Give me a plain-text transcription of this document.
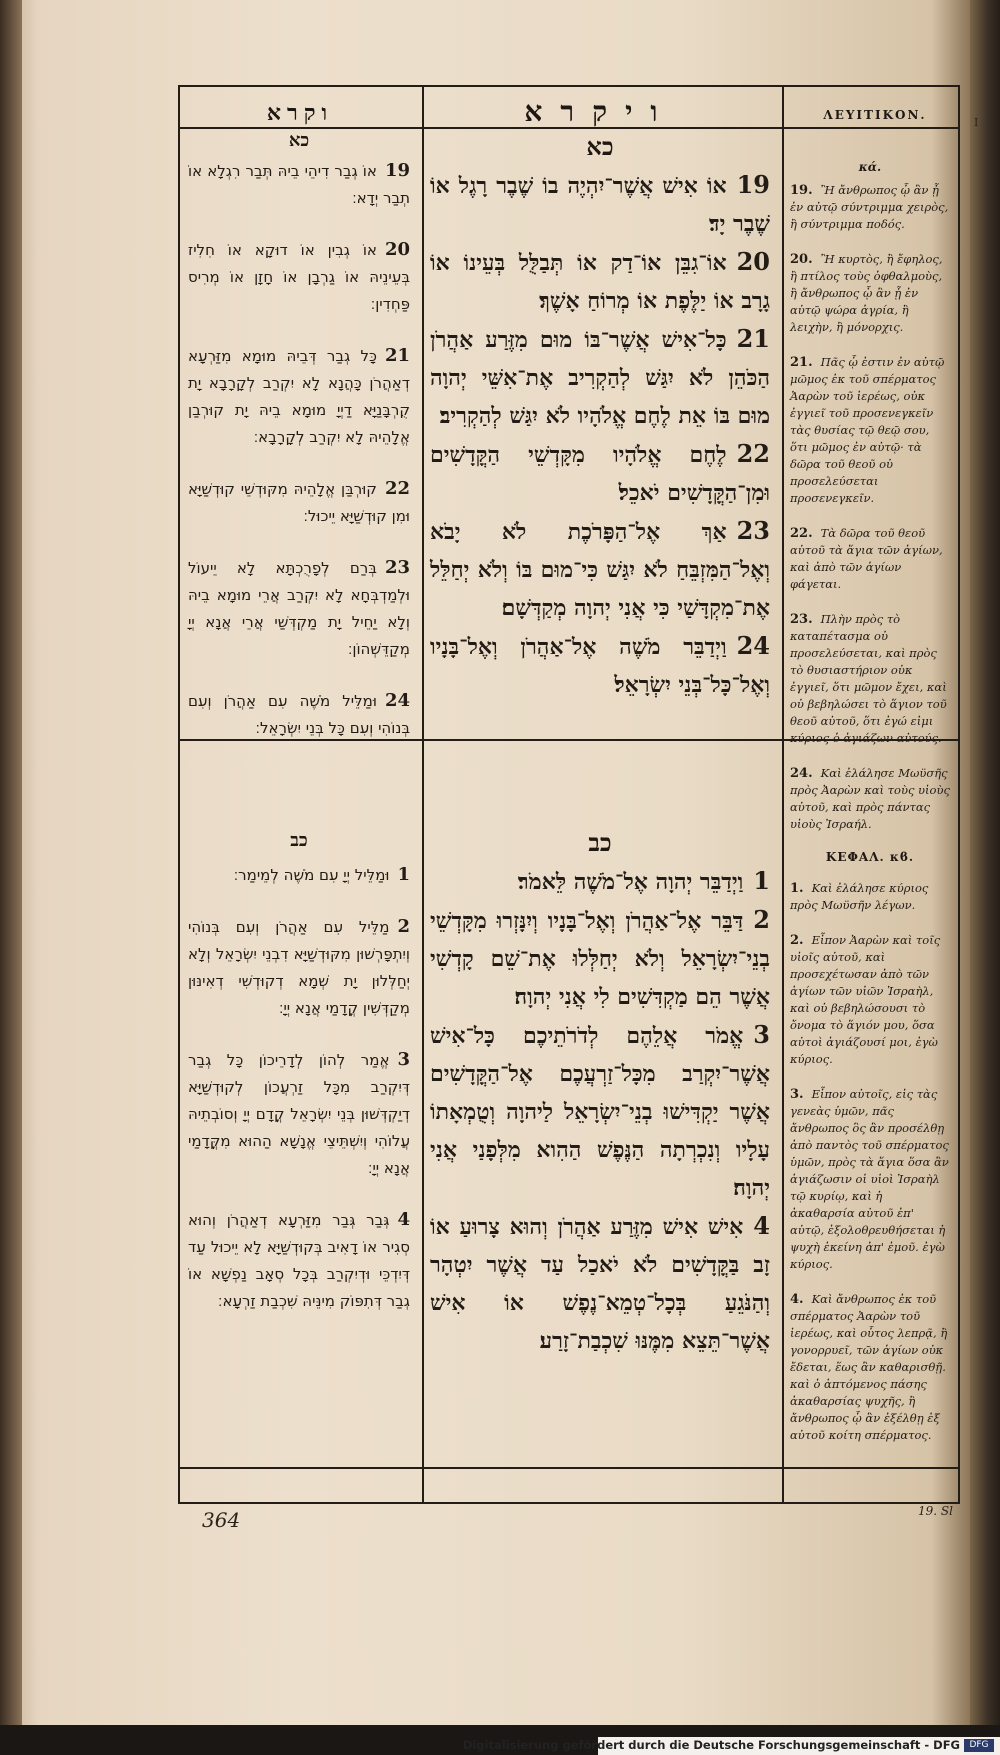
I
וקרא	ויקרא	ΛΕΥΙΤΙΚΟΝ.
כא

19אוֹ גְבַר דִיהֵי בֵיהּ תְּבַר רִגְלָא אוֹ תְבַר יְדָא׃

20אוֹ גְבִין אוֹ דוּקָא אוֹ חִלִיז בְּעֵינֵיהּ אוֹ גַרְבָן אוֹ חָזָן אוֹ מְרִיס פַּחְדִין׃

21כָּל גְבַר דְּבֵיהּ מוּמָא מִזַּרְעָא דְאַהֲרֹן כָּהֲנָא לָא יִקְרַב לְקָרָבָא יָת קֻרְבָּנַיָּא דַיְיָ מוּמָא בֵיהּ יָת קוּרְבַן אֱלָהֵיהּ לָא יִקְרַב לְקָרָבָא׃

22קוּרְבַּן אֱלָהֵיהּ מִקּוּדְשֵׁי קוּדְשַׁיָּא וּמִן קוּדְשַׁיָּא יֵיכוּל׃

23בְּרַם לְפָרֻכְתָּא לָא יֵיעוֹל וּלְמַדְבְּחָא לָא יִקְרַב אֲרֵי מוּמָא בֵיהּ וְלָא יַחֵיל יָת מַקְדְּשַׁי אֲרֵי אֲנָא יְיָ מְקַדֵּשְׁהוֹן׃

24וּמַלֵּיל מֹשֶׁה עִם אַהֲרֹן וְעִם בְּנוֹהִי וְעִם כָּל בְּנֵי יִשְׂרָאֵל׃

כב

1וּמַלֵּיל יְיָ עִם מֹשֶׁה לְמֵימַר׃

2מַלֵּיל עִם אַהֲרֹן וְעִם בְּנוֹהִי וְיִתְפָּרְשׁוּן מִקּוּדְשַׁיָּא דִבְנֵי יִשְׂרָאֵל וְלָא יְחַלְּלוּן יָת שְׁמָא דְקוּדְשִׁי דְאִינּוּן מְקַדְּשִׁין קֳדָמַי אֲנָא יְיָ׃

3אֱמַר לְהוֹן לְדָרֵיכוֹן כָּל גְבַר דְּיִקְרַב מִכָּל זַרְעֲכוֹן לְקוּדְשַׁיָּא דְיַקְדְּשׁוּן בְּנֵי יִשְׂרָאֵל קֳדָם יְיָ וְסוֹבְתֵיהּ עֲלוֹהִי וְיִשְׁתֵּיצֵי אֱנָשָׁא הַהוּא מִקֳּדָמַי אֲנָא יְיָ׃

4גְּבַר גְּבַר מִזַּרְעָא דְאַהֲרֹן וְהוּא סְגִיר אוֹ דָאִיב בְּקוּדְשַׁיָּא לָא יֵיכוּל עַד דְּיִדְכֵּי וּדְיִקְרַב בְּכָל סְאָב נַפְשָׁא אוֹ גְבַר דְּתִפּוֹק מִינֵּיהּ שִׁכְבַת זַרְעָא׃

כא

19אוֹ אִישׁ אֲשֶׁר־יִהְיֶה בוֹ שֶׁבֶר רָגֶל אוֹ שֶׁבֶר יָד׃

20אוֹ־גִבֵּן אוֹ־דַק אוֹ תְּבַלֻּל בְּעֵינוֹ אוֹ גָרָב אוֹ יַלֶּפֶת אוֹ מְרוֹחַ אָשֶׁךְ׃

21כָּל־אִישׁ אֲשֶׁר־בּוֹ מוּם מִזֶּרַע אַהֲרֹן הַכֹּהֵן לֹא יִגַּשׁ לְהַקְרִיב אֶת־אִשֵּׁי יְהוָה מוּם בּוֹ אֵת לֶחֶם אֱלֹהָיו לֹא יִגַּשׁ לְהַקְרִיב׃

22לֶחֶם אֱלֹהָיו מִקָּדְשֵׁי הַקֳּדָשִׁים וּמִן־הַקֳּדָשִׁים יֹאכֵל׃

23אַךְ אֶל־הַפָּרֹכֶת לֹא יָבֹא וְאֶל־הַמִּזְבֵּחַ לֹא יִגַּשׁ כִּי־מוּם בּוֹ וְלֹא יְחַלֵּל אֶת־מִקְדָּשַׁי כִּי אֲנִי יְהוָה מְקַדְּשָׁם׃

24וַיְדַבֵּר מֹשֶׁה אֶל־אַהֲרֹן וְאֶל־בָּנָיו וְאֶל־כָּל־בְּנֵי יִשְׂרָאֵל׃

כב

1וַיְדַבֵּר יְהוָה אֶל־מֹשֶׁה לֵּאמֹר׃

2דַּבֵּר אֶל־אַהֲרֹן וְאֶל־בָּנָיו וְיִנָּזְרוּ מִקָּדְשֵׁי בְנֵי־יִשְׂרָאֵל וְלֹא יְחַלְּלוּ אֶת־שֵׁם קָדְשִׁי אֲשֶׁר הֵם מַקְדִּשִׁים לִי אֲנִי יְהוָה׃

3אֱמֹר אֲלֵהֶם לְדֹרֹתֵיכֶם כָּל־אִישׁ אֲשֶׁר־יִקְרַב מִכָּל־זַרְעֲכֶם אֶל־הַקֳּדָשִׁים אֲשֶׁר יַקְדִּישׁוּ בְנֵי־יִשְׂרָאֵל לַיהוָה וְטֻמְאָתוֹ עָלָיו וְנִכְרְתָה הַנֶּפֶשׁ הַהִוא מִלְּפָנַי אֲנִי יְהוָה׃

4אִישׁ אִישׁ מִזֶּרַע אַהֲרֹן וְהוּא צָרוּעַ אוֹ זָב בַּקֳּדָשִׁים לֹא יֹאכַל עַד אֲשֶׁר יִטְהָר וְהַנֹּגֵעַ בְּכָל־טְמֵא־נֶפֶשׁ אוֹ אִישׁ אֲשֶׁר־תֵּצֵא מִמֶּנּוּ שִׁכְבַת־זָרַע׃

κά.

19. Ἢ ἄνθρωπος ᾧ ἂν ᾖ ἐν αὐτῷ σύντριμμα χειρὸς, ἢ σύντριμμα ποδός.

20. Ἢ κυρτὸς, ἢ ἔφηλος, ἢ πτίλος τοὺς ὀφθαλμοὺς, ἢ ἄνθρωπος ᾧ ἂν ᾖ ἐν αὐτῷ ψώρα ἀγρία, ἢ λειχὴν, ἢ μόνορχις.

21. Πᾶς ᾧ ἐστιν ἐν αὐτῷ μῶμος ἐκ τοῦ σπέρματος Ἀαρὼν τοῦ ἱερέως, οὐκ ἐγγιεῖ τοῦ προσενεγκεῖν τὰς θυσίας τῷ θεῷ σου, ὅτι μῶμος ἐν αὐτῷ· τὰ δῶρα τοῦ θεοῦ οὐ προσελεύσεται προσενεγκεῖν.

22. Τὰ δῶρα τοῦ θεοῦ αὐτοῦ τὰ ἅγια τῶν ἁγίων, καὶ ἀπὸ τῶν ἁγίων φάγεται.

23. Πλὴν πρὸς τὸ καταπέτασμα οὐ προσελεύσεται, καὶ πρὸς τὸ θυσιαστήριον οὐκ ἐγγιεῖ, ὅτι μῶμον ἔχει, καὶ οὐ βεβηλώσει τὸ ἅγιον τοῦ θεοῦ αὐτοῦ, ὅτι ἐγώ εἰμι κύριος ὁ ἁγιάζων αὐτούς.

24. Καὶ ἐλάλησε Μωϋσῆς πρὸς Ἀαρὼν καὶ τοὺς υἱοὺς αὐτοῦ, καὶ πρὸς πάντας υἱοὺς Ἰσραήλ.

ΚΕΦΑΛ. κϐ.

1. Καὶ ἐλάλησε κύριος πρὸς Μωϋσῆν λέγων.

2. Εἶπον Ἀαρὼν καὶ τοῖς υἱοῖς αὐτοῦ, καὶ προσεχέτωσαν ἀπὸ τῶν ἁγίων τῶν υἱῶν Ἰσραὴλ, καὶ οὐ βεβηλώσουσι τὸ ὄνομα τὸ ἅγιόν μου, ὅσα αὐτοὶ ἁγιάζουσί μοι, ἐγὼ κύριος.

3. Εἶπον αὐτοῖς, εἰς τὰς γενεὰς ὑμῶν, πᾶς ἄνθρωπος ὃς ἂν προσέλθῃ ἀπὸ παντὸς τοῦ σπέρματος ὑμῶν, πρὸς τὰ ἅγια ὅσα ἂν ἁγιάζωσιν οἱ υἱοὶ Ἰσραὴλ τῷ κυρίῳ, καὶ ἡ ἀκαθαρσία αὐτοῦ ἐπ' αὐτῷ, ἐξολοθρευθήσεται ἡ ψυχὴ ἐκείνη ἀπ' ἐμοῦ. ἐγὼ κύριος.

4. Καὶ ἄνθρωπος ἐκ τοῦ σπέρματος Ἀαρὼν τοῦ ἱερέως, καὶ οὗτος λεπρᾷ, ἢ γονορρυεῖ, τῶν ἁγίων οὐκ ἔδεται, ἕως ἂν καθαρισθῇ. καὶ ὁ ἁπτόμενος πάσης ἀκαθαρσίας ψυχῆς, ἢ ἄνθρωπος ᾧ ἂν ἐξέλθῃ ἐξ αὐτοῦ κοίτη σπέρματος.

364	19. Sl
Digitalisierung gefördert durch die Deutsche Forschungsgemeinschaft - DFG	DFG
